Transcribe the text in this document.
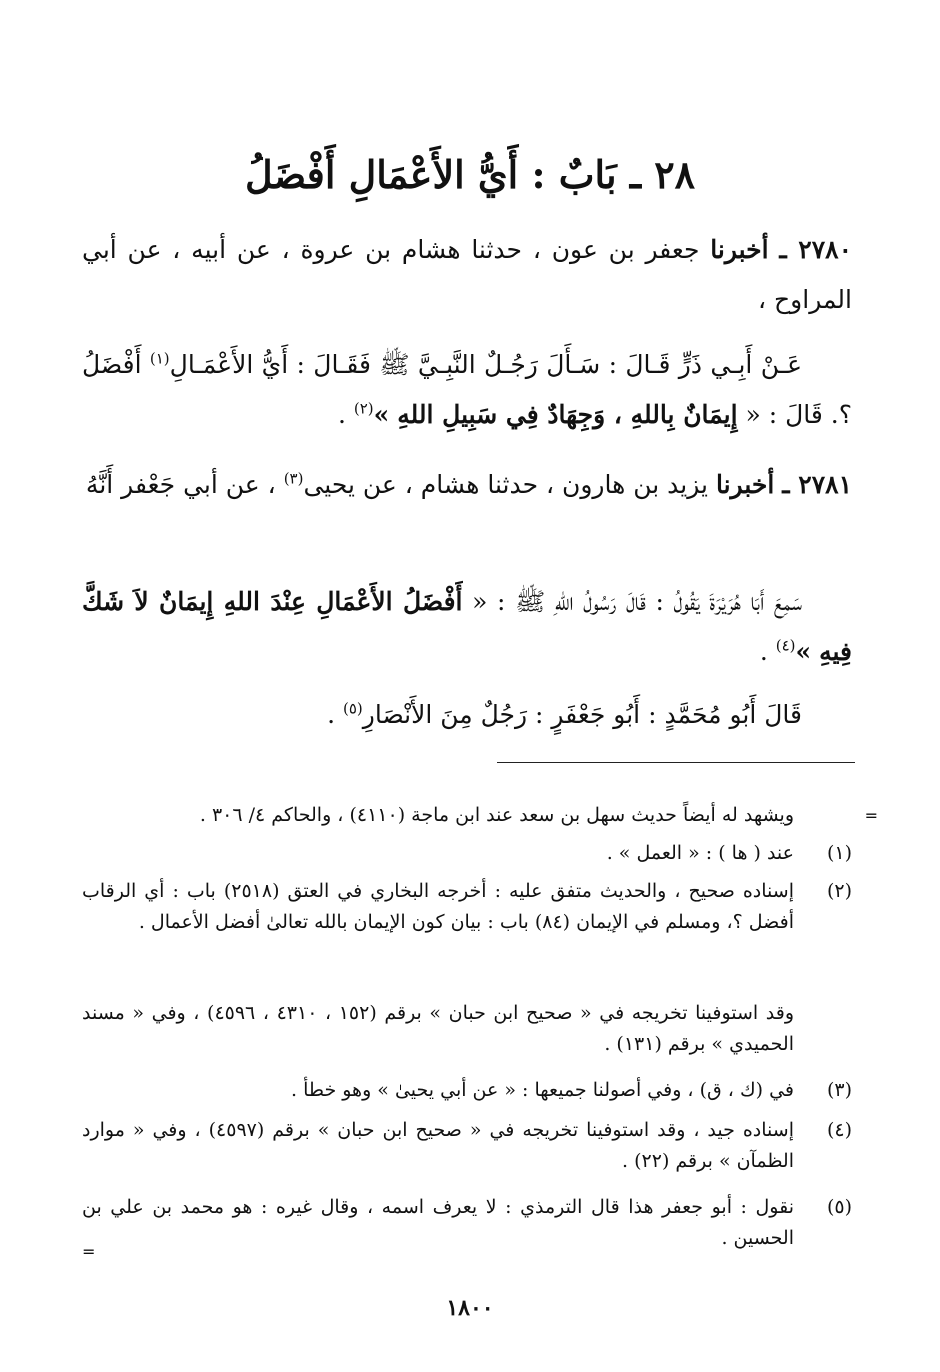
٢٨ ـ بَابٌ : أَيُّ الأَعْمَالِ أَفْضَلُ
٢٧٨٠ ـ أخبرنا جعفر بن عون ، حدثنا هشام بن عروة ، عن أبيه ، عن أبي المراوح ،
عَـنْ أَبِـي ذَرٍّ قَـالَ : سَـأَلَ رَجُـلٌ النَّبِـيَّ ﷺ فَقَـالَ : أَيُّ الأَعْمَـالِ$^{(١)}$ أَفْضَلُ ؟. قَالَ : « إِيمَانٌ بِاللهِ ، وَجِهَادٌ فِي سَبِيلِ اللهِ »$^{(٢)}$ .
٢٧٨١ ـ أخبرنا يزيد بن هارون ، حدثنا هشام ، عن يحيى$^{(٣)}$ ، عن أبي جَعْفر أَنَّهُ
سَمِعَ أَبَا هُرَيْرَةَ يَقُولُ : قَالَ رَسُولُ اللهِ ﷺ : « أَفْضَلُ الأَعْمَالِ عِنْدَ اللهِ إِيمَانٌ لاَ شَكَّ فِيهِ »$^{(٤)}$ .
قَالَ أَبُو مُحَمَّدٍ : أَبُو جَعْفَرٍ : رَجُلٌ مِنَ الأَنْصَارِ$^{(٥)}$ .
=
ويشهد له أيضاً حديث سهل بن سعد عند ابن ماجة (٤١١٠) ، والحاكم ٤/ ٣٠٦ .
(١)
عند ( ها ) : « العمل » .
(٢)
إسناده صحيح ، والحديث متفق عليه : أخرجه البخاري في العتق (٢٥١٨) باب : أي الرقاب أفضل ؟، ومسلم في الإيمان (٨٤) باب : بيان كون الإيمان بالله تعالىٰ أفضل الأعمال .
وقد استوفينا تخريجه في « صحيح ابن حبان » برقم (١٥٢ ، ٤٣١٠ ، ٤٥٩٦) ، وفي « مسند الحميدي » برقم (١٣١) .
(٣)
في (ك ، ق) ، وفي أصولنا جميعها : « عن أبي يحيىٰ » وهو خطأ .
(٤)
إسناده جيد ، وقد استوفينا تخريجه في « صحيح ابن حبان » برقم (٤٥٩٧) ، وفي « موارد الظمآن » برقم (٢٢) .
(٥)
نقول : أبو جعفر هذا قال الترمذي : لا يعرف اسمه ، وقال غيره : هو محمد بن علي بن الحسين .
=
١٨٠٠
